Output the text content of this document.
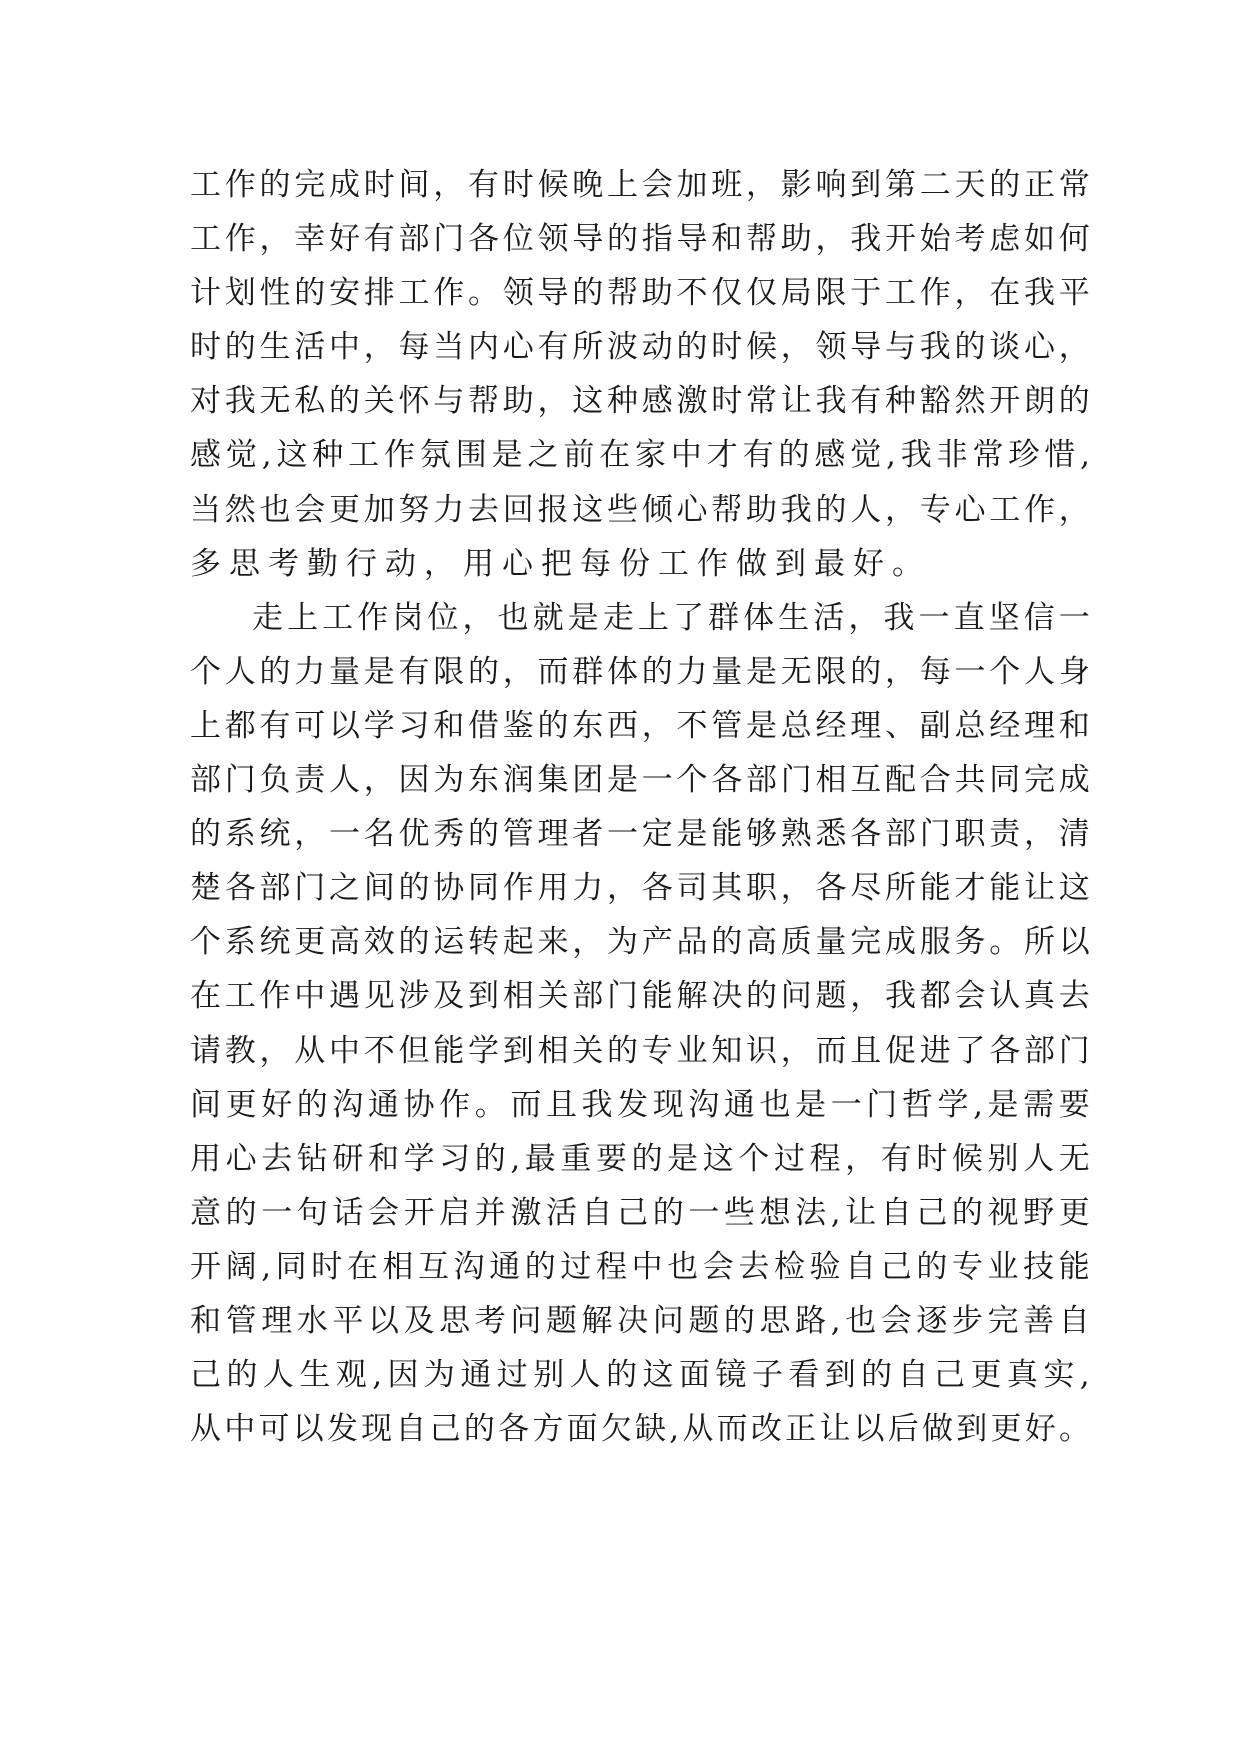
工 作 的 完 成 时 间 ， 有 时 候 晚 上 会 加 班 ， 影 响 到 第 二 天 的 正 常
工 作 ， 幸 好 有 部 门 各 位 领 导 的 指 导 和 帮 助 ， 我 开 始 考 虑 如 何
计 划 性 的 安 排 工 作 。 领 导 的 帮 助 不 仅 仅 局 限 于 工 作 ， 在 我 平
时 的 生 活 中 ， 每 当 内 心 有 所 波 动 的 时 候 ， 领 导 与 我 的 谈 心 ，
对 我 无 私 的 关 怀 与 帮 助 ， 这 种 感 激 时 常 让 我 有 种 豁 然 开 朗 的
感 觉 , 这 种 工 作 氛 围 是 之 前 在 家 中 才 有 的 感 觉 , 我 非 常 珍 惜 ,
当 然 也 会 更 加 努 力 去 回 报 这 些 倾 心 帮 助 我 的 人 ， 专 心 工 作 ，
多思考勤行动，用心把每份工作做到最好。
走 上 工 作 岗 位 ， 也 就 是 走 上 了 群 体 生 活 ， 我 一 直 坚 信 一
个 人 的 力 量 是 有 限 的 ， 而 群 体 的 力 量 是 无 限 的 ， 每 一 个 人 身
上 都 有 可 以 学 习 和 借 鉴 的 东 西 ， 不 管 是 总 经 理 、 副 总 经 理 和
部 门 负 责 人 ， 因 为 东 润 集 团 是 一 个 各 部 门 相 互 配 合 共 同 完 成
的 系 统 ， 一 名 优 秀 的 管 理 者 一 定 是 能 够 熟 悉 各 部 门 职 责 ， 清
楚 各 部 门 之 间 的 协 同 作 用 力 ， 各 司 其 职 ， 各 尽 所 能 才 能 让 这
个 系 统 更 高 效 的 运 转 起 来 ， 为 产 品 的 高 质 量 完 成 服 务 。 所 以
在 工 作 中 遇 见 涉 及 到 相 关 部 门 能 解 决 的 问 题 ， 我 都 会 认 真 去
请 教 ， 从 中 不 但 能 学 到 相 关 的 专 业 知 识 ， 而 且 促 进 了 各 部 门
间 更 好 的 沟 通 协 作 。 而 且 我 发 现 沟 通 也 是 一 门 哲 学 , 是 需 要
用 心 去 钻 研 和 学 习 的 , 最 重 要 的 是 这 个 过 程 ， 有 时 候 别 人 无
意 的 一 句 话 会 开 启 并 激 活 自 己 的 一 些 想 法 , 让 自 己 的 视 野 更
开 阔 , 同 时 在 相 互 沟 通 的 过 程 中 也 会 去 检 验 自 己 的 专 业 技 能
和 管 理 水 平 以 及 思 考 问 题 解 决 问 题 的 思 路 , 也 会 逐 步 完 善 自
己 的 人 生 观 , 因 为 通 过 别 人 的 这 面 镜 子 看 到 的 自 己 更 真 实 ,
从 中 可 以 发 现 自 己 的 各 方 面 欠 缺 , 从 而 改 正 让 以 后 做 到 更 好 。
